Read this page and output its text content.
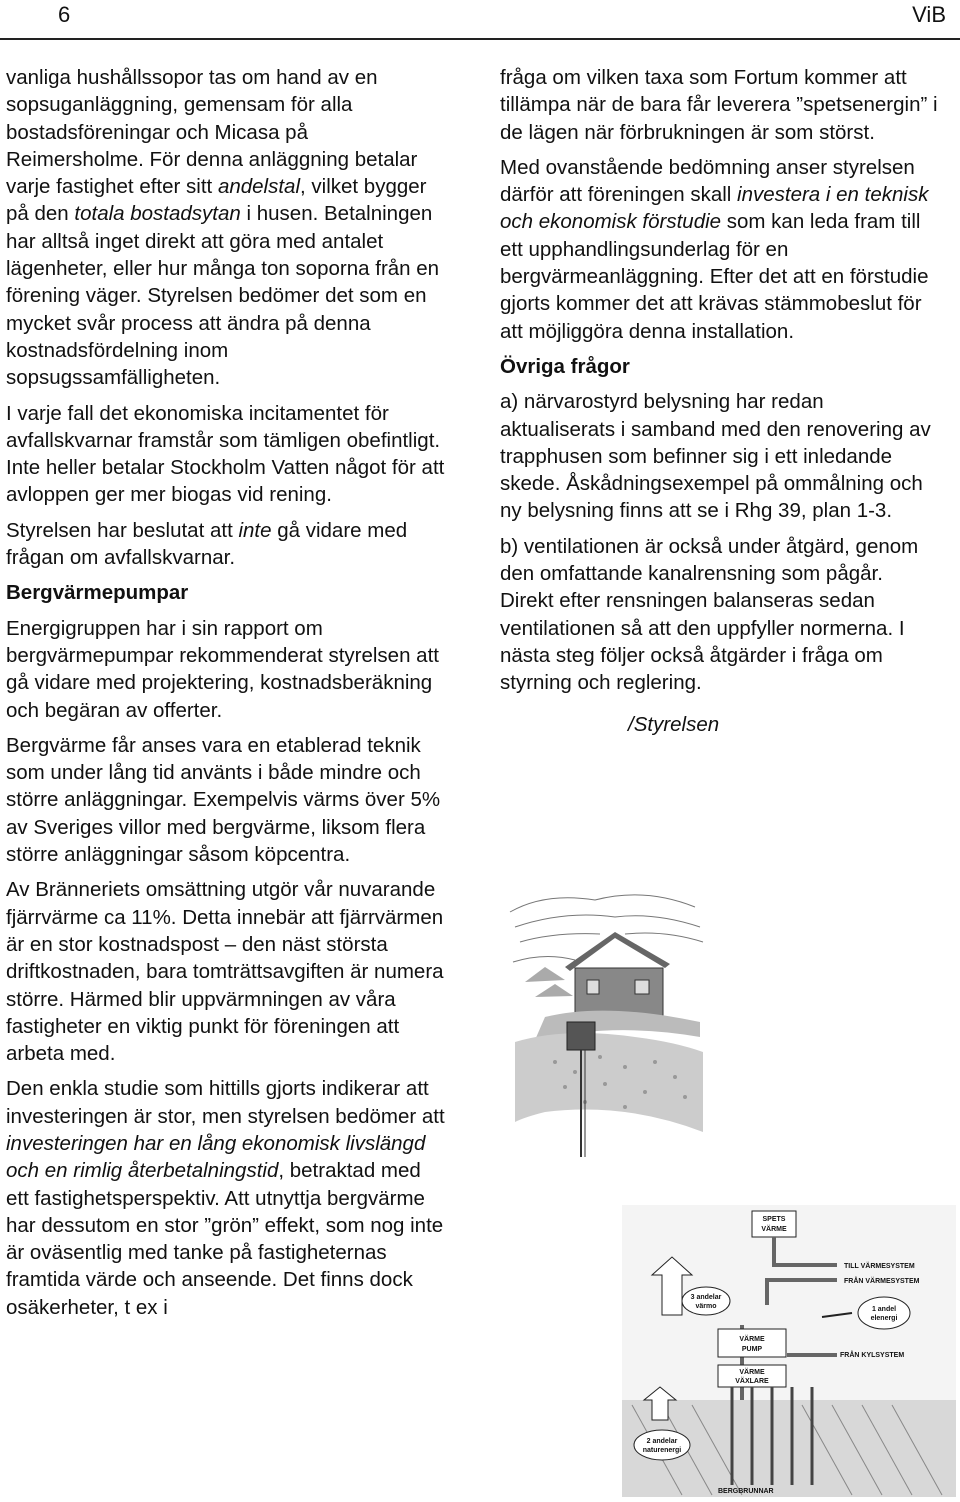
6	ViB

vanliga hushållssopor tas om hand av en sopsuganläggning, gemensam för alla bostadsföreningar och Micasa på Reimersholme. För denna anläggning betalar varje fastighet efter sitt andelstal, vilket bygger på den totala bostadsytan i husen. Betalningen har alltså inget direkt att göra med antalet lägenheter, eller hur många ton soporna från en förening väger. Styrelsen bedömer det som en mycket svår process att ändra på denna kostnadsfördelning inom sopsugssamfälligheten.

I varje fall det ekonomiska incitamentet för avfallskvarnar framstår som tämligen obefintligt. Inte heller betalar Stockholm Vatten något för att avloppen ger mer biogas vid rening.

Styrelsen har beslutat att inte gå vidare med frågan om avfallskvarnar.

Bergvärmepumpar

Energigruppen har i sin rapport om bergvärmepumpar rekommenderat styrelsen att gå vidare med projektering, kostnadsberäkning och begäran av offerter.

Bergvärme får anses vara en etablerad teknik som under lång tid använts i både mindre och större anläggningar. Exempelvis värms över 5% av Sveriges villor med bergvärme, liksom flera större anläggningar såsom köpcentra.

Av Bränneriets omsättning utgör vår nuvarande fjärrvärme ca 11%. Detta innebär att fjärrvärmen är en stor kostnadspost – den näst största driftkostnaden, bara tomträttsavgiften är numera större. Härmed blir uppvärmningen av våra fastigheter en viktig punkt för föreningen att arbeta med.

Den enkla studie som hittills gjorts indikerar att investeringen är stor, men styrelsen bedömer att investeringen har en lång ekonomisk livslängd och en rimlig återbetalningstid, betraktad med ett fastighetsperspektiv. Att utnyttja bergvärme har dessutom en stor ”grön” effekt, som nog inte är oväsentlig med tanke på fastigheternas framtida värde och anseende. Det finns dock osäkerheter, t ex i

fråga om vilken taxa som Fortum kommer att tillämpa när de bara får leverera ”spetsenergin” i de lägen när förbrukningen är som störst.

Med ovanstående bedömning anser styrelsen därför att föreningen skall investera i en teknisk och ekonomisk förstudie som kan leda fram till ett upphandlingsunderlag för en bergvärmeanläggning. Efter det att en förstudie gjorts kommer det att krävas stämmobeslut för att möjliggöra denna installation.

Övriga frågor

a) närvarostyrd belysning har redan aktualiserats i samband med den renovering av trapphusen som befinner sig i ett inledande skede. Åskådningsexempel på ommålning och ny belysning finns att se i Rhg 39, plan 1-3.

b) ventilationen är också under åtgärd, genom den omfattande kanalrensning som pågår. Direkt efter rensningen balanseras sedan ventilationen så att den uppfyller normerna. I nästa steg följer också åtgärder i fråga om styrning och reglering.

/Styrelsen
SPETS
VÄRME
TILL VÄRMESYSTEM
FRÅN VÄRMESYSTEM
3 andelar
värmo	1 andel
elenergi
VÄRME
PUMP
VÄRME
VÄXLARE
FRÅN KYLSYSTEM
2 andelar
naturenergi
BERGBRUNNAR
